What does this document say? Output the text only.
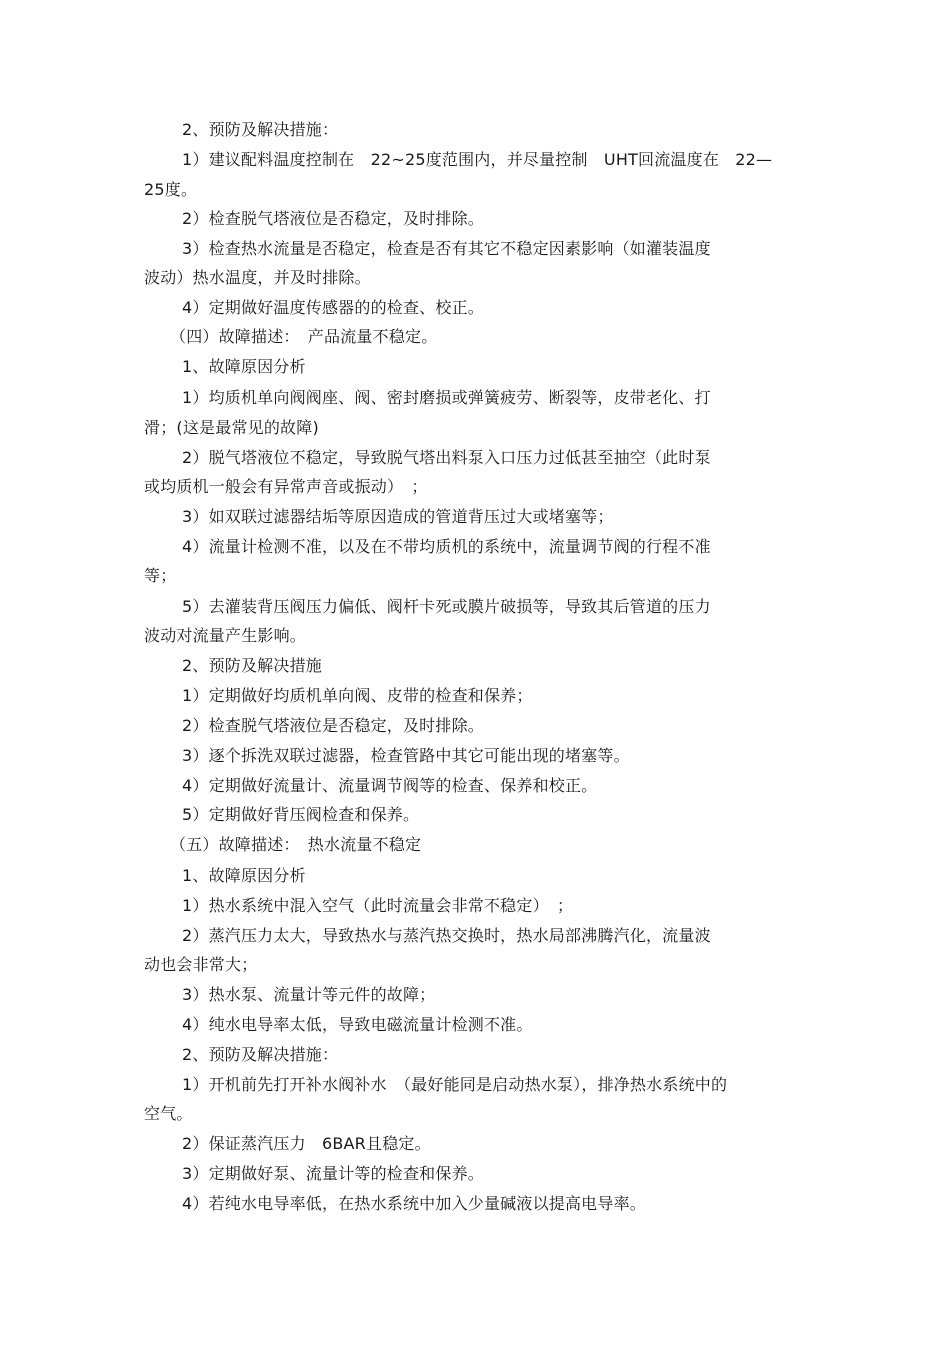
2、预防及解决措施：
1）建议配料温度控制在　22~25度范围内，并尽量控制　UHT回流温度在　22—
25度。
2）检查脱气塔液位是否稳定，及时排除。
3）检查热水流量是否稳定，检查是否有其它不稳定因素影响（如灌装温度
波动）热水温度，并及时排除。
4）定期做好温度传感器的的检查、校正。
（四）故障描述：　产品流量不稳定。
1、故障原因分析
1）均质机单向阀阀座、阀、密封磨损或弹簧疲劳、断裂等，皮带老化、打
滑；(这是最常见的故障)
2）脱气塔液位不稳定，导致脱气塔出料泵入口压力过低甚至抽空（此时泵
或均质机一般会有异常声音或振动）　；
3）如双联过滤器结垢等原因造成的管道背压过大或堵塞等；
4）流量计检测不准，以及在不带均质机的系统中，流量调节阀的行程不准
等；
5）去灌装背压阀压力偏低、阀杆卡死或膜片破损等，导致其后管道的压力
波动对流量产生影响。
2、预防及解决措施
1）定期做好均质机单向阀、皮带的检查和保养；
2）检查脱气塔液位是否稳定，及时排除。
3）逐个拆洗双联过滤器，检查管路中其它可能出现的堵塞等。
4）定期做好流量计、流量调节阀等的检查、保养和校正。
5）定期做好背压阀检查和保养。
（五）故障描述：　热水流量不稳定
1、故障原因分析
1）热水系统中混入空气（此时流量会非常不稳定）　；
2）蒸汽压力太大，导致热水与蒸汽热交换时，热水局部沸腾汽化，流量波
动也会非常大；
3）热水泵、流量计等元件的故障；
4）纯水电导率太低，导致电磁流量计检测不准。
2、预防及解决措施：
1）开机前先打开补水阀补水　（最好能同是启动热水泵），排净热水系统中的
空气。
2）保证蒸汽压力　6BAR且稳定。
3）定期做好泵、流量计等的检查和保养。
4）若纯水电导率低，在热水系统中加入少量碱液以提高电导率。
